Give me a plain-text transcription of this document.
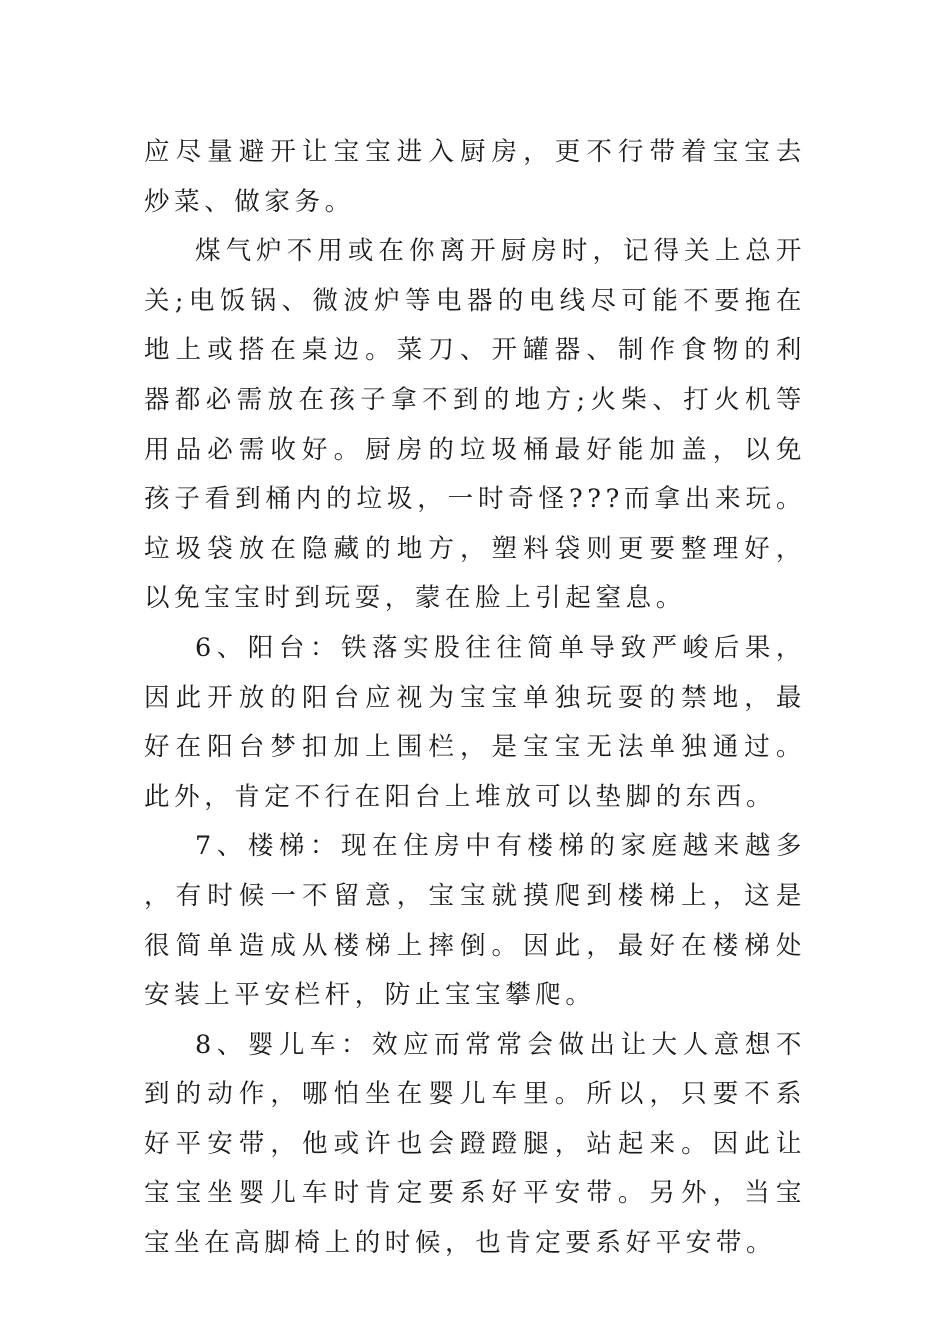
应尽量避开让宝宝进入厨房，更不行带着宝宝去炒菜、做家务。

煤气炉不用或在你离开厨房时，记得关上总开关;电饭锅、微波炉等电器的电线尽可能不要拖在地上或搭在桌边。菜刀、开罐器、制作食物的利器都必需放在孩子拿不到的地方;火柴、打火机等用品必需收好。厨房的垃圾桶最好能加盖，以免孩子看到桶内的垃圾，一时奇怪???而拿出来玩。垃圾袋放在隐藏的地方，塑料袋则更要整理好，以免宝宝时到玩耍，蒙在脸上引起窒息。

6、阳台：铁落实股往往简单导致严峻后果，因此开放的阳台应视为宝宝单独玩耍的禁地，最好在阳台梦扣加上围栏，是宝宝无法单独通过。此外，肯定不行在阳台上堆放可以垫脚的东西。

7、楼梯：现在住房中有楼梯的家庭越来越多，有时候一不留意，宝宝就摸爬到楼梯上，这是很简单造成从楼梯上摔倒。因此，最好在楼梯处安装上平安栏杆，防止宝宝攀爬。

8、婴儿车：效应而常常会做出让大人意想不到的动作，哪怕坐在婴儿车里。所以，只要不系好平安带，他或许也会蹬蹬腿，站起来。因此让宝宝坐婴儿车时肯定要系好平安带。另外，当宝宝坐在高脚椅上的时候，也肯定要系好平安带。
